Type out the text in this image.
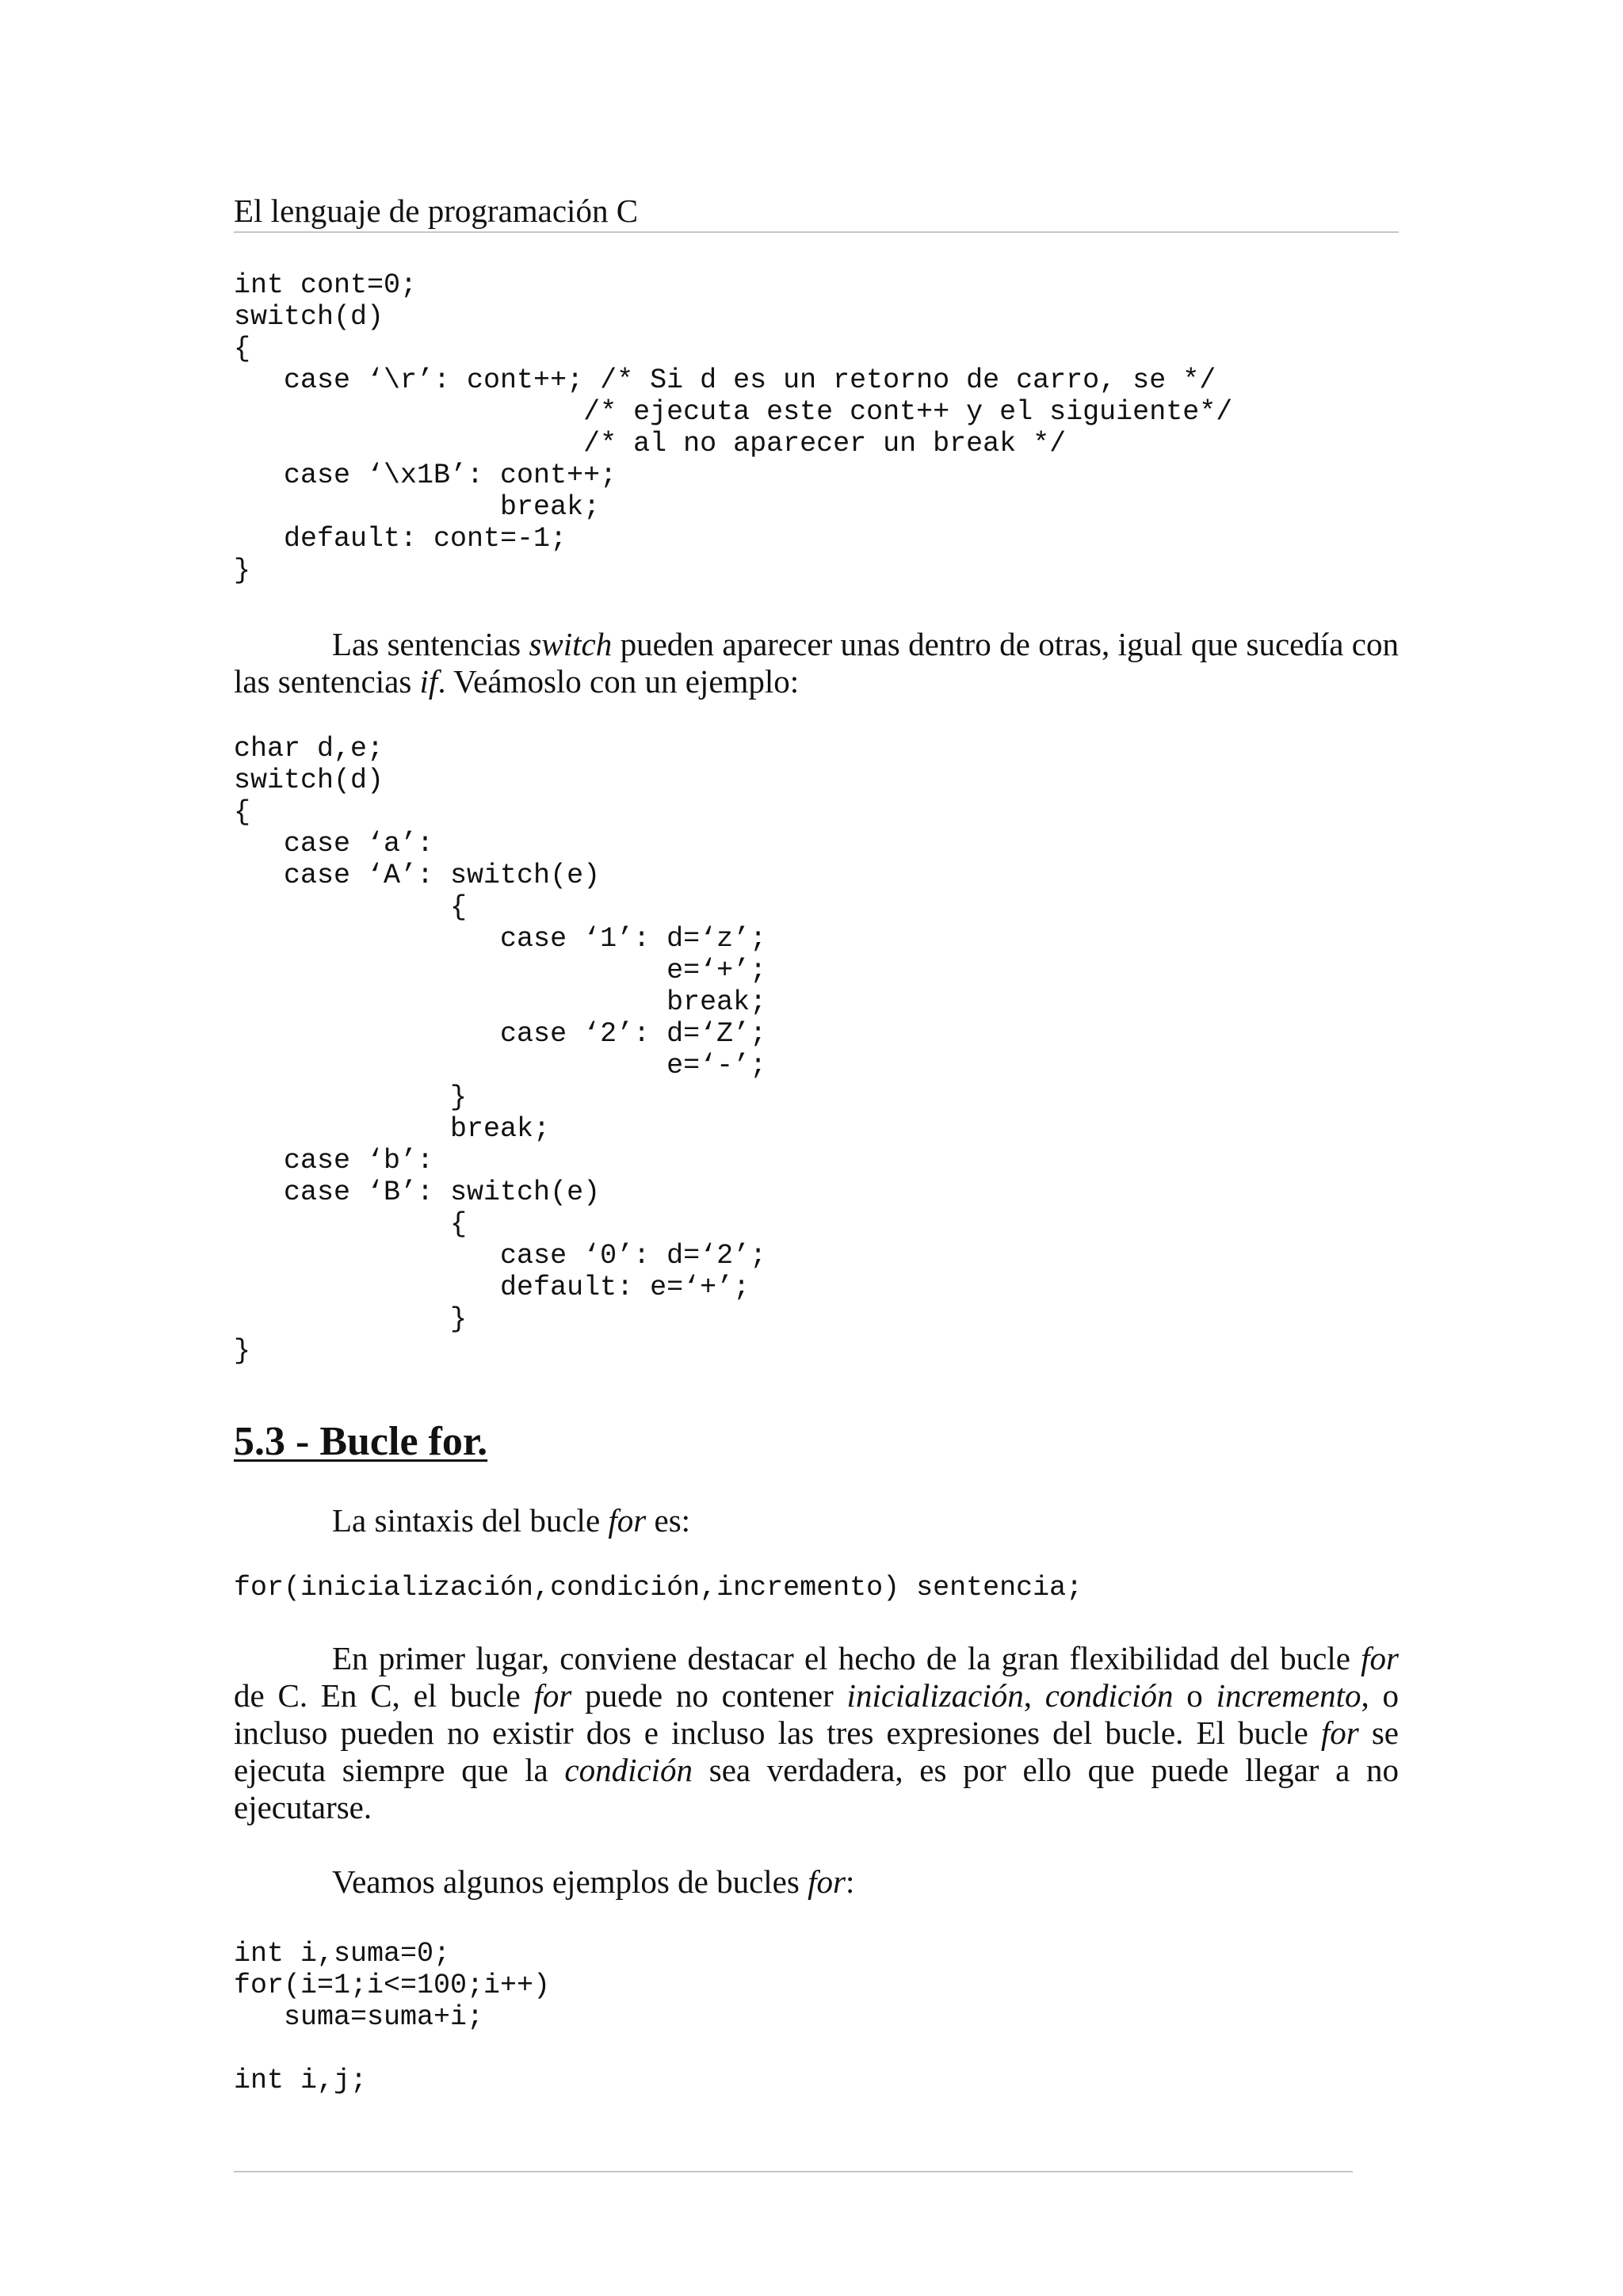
El lenguaje de programación C
int cont=0;
switch(d)
{
case ‘\r’: cont++; /* Si d es un retorno de carro, se */
/* ejecuta este cont++ y el siguiente*/
/* al no aparecer un break */
case ‘\x1B’: cont++;
break;
default: cont=-1;
}

Las sentencias switch pueden aparecer unas dentro de otras, igual que sucedía con las sentencias if. Veámoslo con un ejemplo:

char d,e;
switch(d)
{
case ‘a’:
case ‘A’: switch(e)
{
case ‘1’: d=‘z’;
e=‘+’;
break;
case ‘2’: d=‘Z’;
e=‘-’;
}
break;
case ‘b’:
case ‘B’: switch(e)
{
case ‘0’: d=‘2’;
default: e=‘+’;
}
}
5.3 - Bucle for.

La sintaxis del bucle for es:

for(inicialización,condición,incremento) sentencia;

En primer lugar, conviene destacar el hecho de la gran flexibilidad del bucle for de C. En C, el bucle for puede no contener inicialización, condición o incremento, o incluso pueden no existir dos e incluso las tres expresiones del bucle. El bucle for se ejecuta siempre que la condición sea verdadera, es por ello que puede llegar a no ejecutarse.

Veamos algunos ejemplos de bucles for:

int i,suma=0;
for(i=1;i<=100;i++)
suma=suma+i;

int i,j;
